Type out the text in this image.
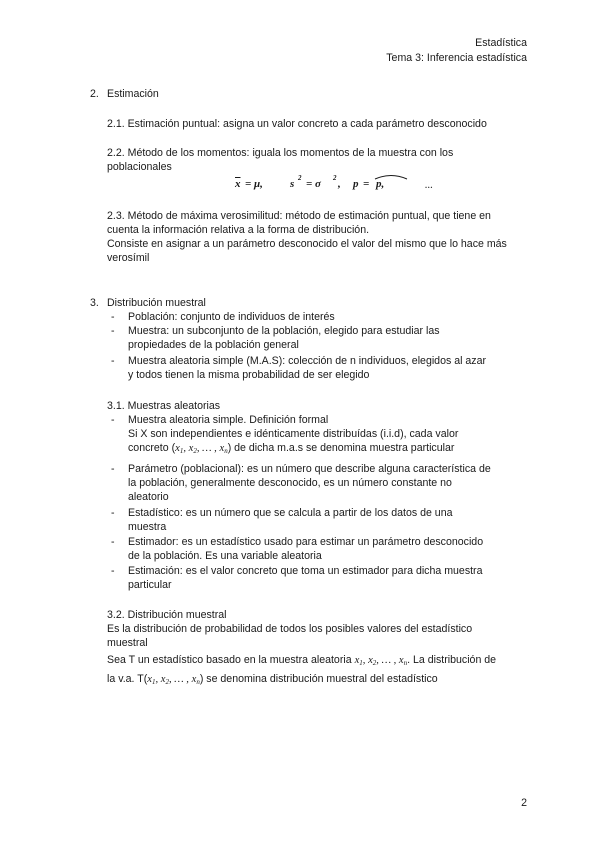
Estadística
Tema 3: Inferencia estadística
2. Estimación
2.1. Estimación puntual: asigna un valor concreto a cada parámetro desconocido
2.2. Método de los momentos: iguala los momentos de la muestra con los
poblacionales
$\overline{x} = \mu$, s 2 = σ 2 , p = p,	…
2.3. Método de máxima verosimilitud: método de estimación puntual, que tiene en
cuenta la información relativa a la forma de distribución.
Consiste en asignar a un parámetro desconocido el valor del mismo que lo hace más
verosímil
3. Distribución muestral
- Población: conjunto de individuos de interés
- Muestra: un subconjunto de la población, elegido para estudiar las
propiedades de la población general
- Muestra aleatoria simple (M.A.S): colección de n individuos, elegidos al azar
y todos tienen la misma probabilidad de ser elegido
3.1. Muestras aleatorias
- Muestra aleatoria simple. Definición formal
Si X son independientes e idénticamente distribuídas (i.i.d), cada valor
concreto ($x_1$, $x_2$, … , $x_n$) de dicha m.a.s se denomina muestra particular
- Parámetro (poblacional): es un número que describe alguna característica de
la población, generalmente desconocido, es un número constante no
aleatorio
- Estadístico: es un número que se calcula a partir de los datos de una
muestra
- Estimador: es un estadístico usado para estimar un parámetro desconocido
de la población. Es una variable aleatoria
- Estimación: es el valor concreto que toma un estimador para dicha muestra
particular
3.2. Distribución muestral
Es la distribución de probabilidad de todos los posibles valores del estadístico
muestral
Sea T un estadístico basado en la muestra aleatoria $x_1$, $x_2$, … , $x_n$. La distribución de
la v.a. $T(x_1$, $x_2$, … , $x_n$) se denomina distribución muestral del estadístico
2
